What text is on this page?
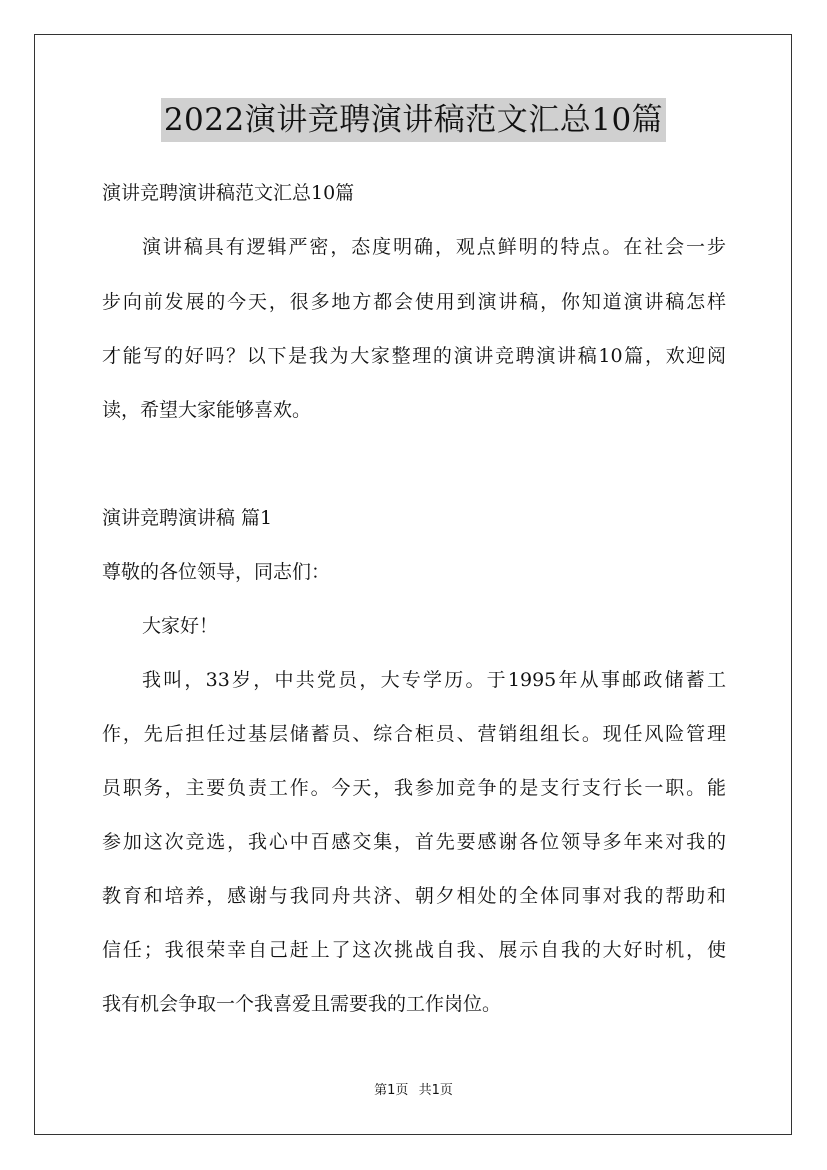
2022演讲竞聘演讲稿范文汇总10篇
演讲竞聘演讲稿范文汇总10篇
演讲稿具有逻辑严密，态度明确，观点鲜明的特点。在社会一步
步向前发展的今天，很多地方都会使用到演讲稿，你知道演讲稿怎样
才能写的好吗？以下是我为大家整理的演讲竞聘演讲稿10篇，欢迎阅
读，希望大家能够喜欢。
演讲竞聘演讲稿 篇1
尊敬的各位领导，同志们：
大家好！
我叫，33岁，中共党员，大专学历。于1995年从事邮政储蓄工
作，先后担任过基层储蓄员、综合柜员、营销组组长。现任风险管理
员职务，主要负责工作。今天，我参加竞争的是支行支行长一职。能
参加这次竞选，我心中百感交集，首先要感谢各位领导多年来对我的
教育和培养，感谢与我同舟共济、朝夕相处的全体同事对我的帮助和
信任；我很荣幸自己赶上了这次挑战自我、展示自我的大好时机，使
我有机会争取一个我喜爱且需要我的工作岗位。
第1页 共1页
